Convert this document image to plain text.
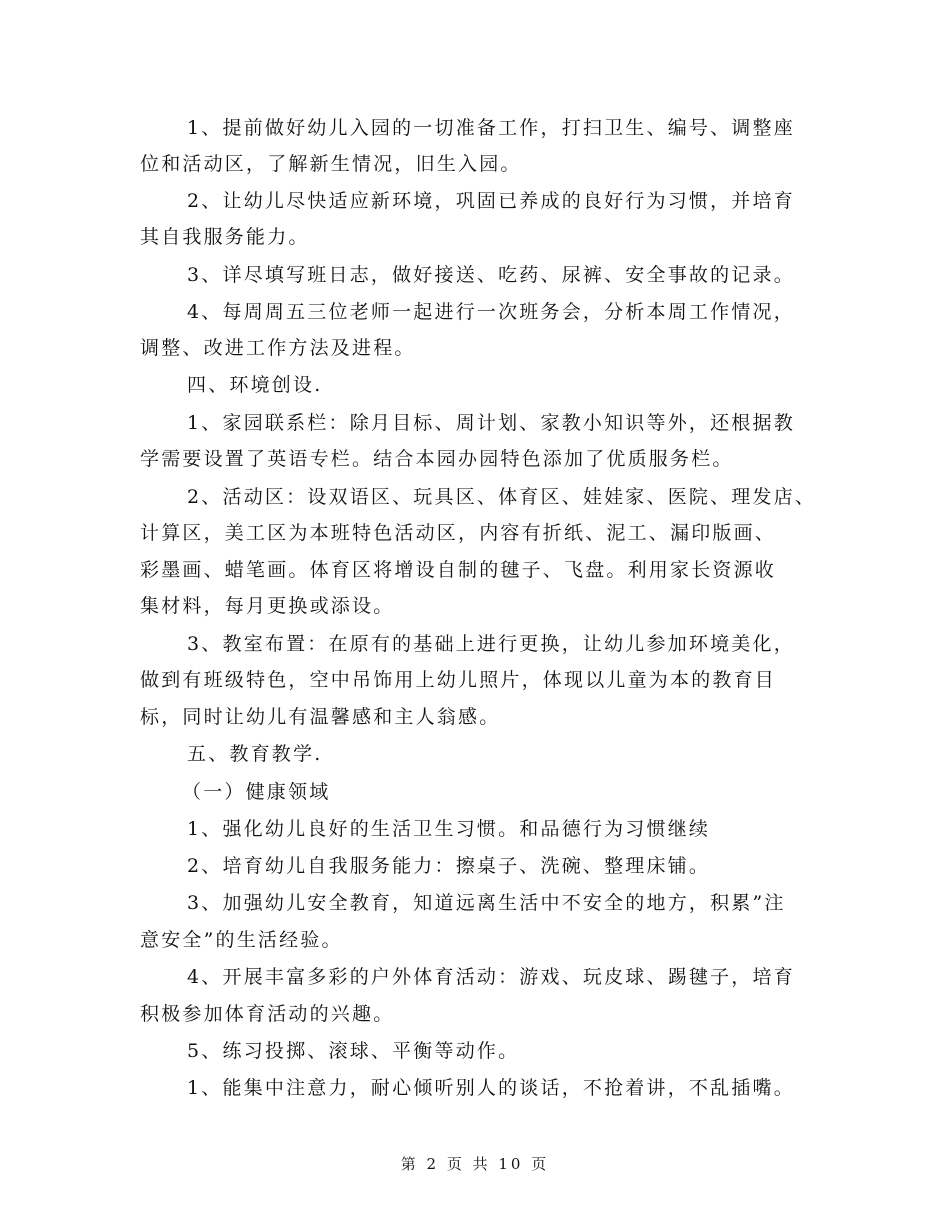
1、提前做好幼儿入园的一切准备工作，打扫卫生、编号、调整座
位和活动区，了解新生情况，旧生入园。
2、让幼儿尽快适应新环境，巩固已养成的良好行为习惯，并培育
其自我服务能力。
3、详尽填写班日志，做好接送、吃药、尿裤、安全事故的记录。
4、每周周五三位老师一起进行一次班务会，分析本周工作情况，
调整、改进工作方法及进程。
四、环境创设.
1、家园联系栏：除月目标、周计划、家教小知识等外，还根据教
学需要设置了英语专栏。结合本园办园特色添加了优质服务栏。
2、活动区：设双语区、玩具区、体育区、娃娃家、医院、理发店、
计算区，美工区为本班特色活动区，内容有折纸、泥工、漏印版画、
彩墨画、蜡笔画。体育区将增设自制的毽子、飞盘。利用家长资源收
集材料，每月更换或添设。
3、教室布置：在原有的基础上进行更换，让幼儿参加环境美化，
做到有班级特色，空中吊饰用上幼儿照片，体现以儿童为本的教育目
标，同时让幼儿有温馨感和主人翁感。
五、教育教学.
（一）健康领域
1、强化幼儿良好的生活卫生习惯。和品德行为习惯继续
2、培育幼儿自我服务能力：擦桌子、洗碗、整理床铺。
3、加强幼儿安全教育，知道远离生活中不安全的地方，积累”注
意安全”的生活经验。
4、开展丰富多彩的户外体育活动：游戏、玩皮球、踢毽子，培育
积极参加体育活动的兴趣。
5、练习投掷、滚球、平衡等动作。
1、能集中注意力，耐心倾听别人的谈话，不抢着讲，不乱插嘴。
第 2 页 共 10 页
